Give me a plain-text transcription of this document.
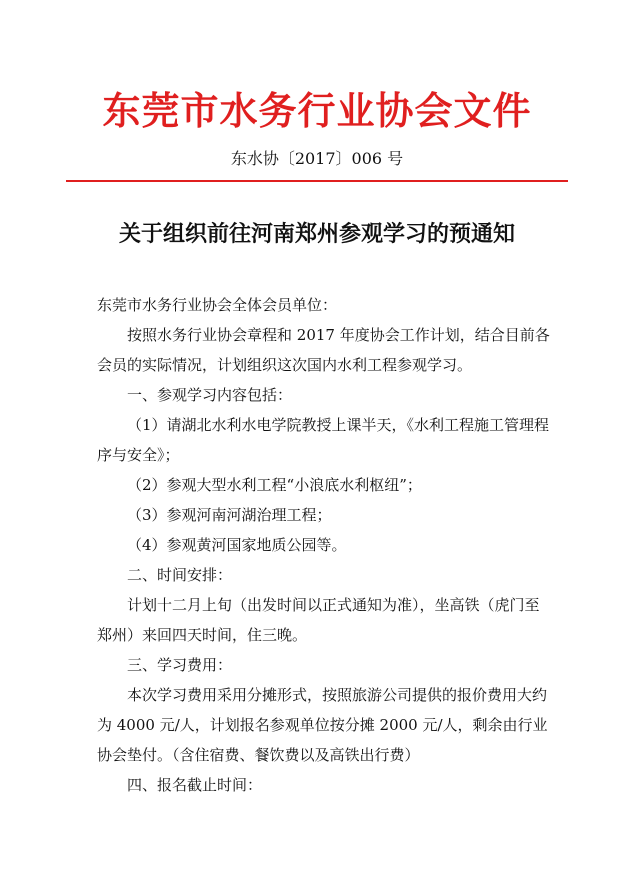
东莞市水务行业协会文件
东水协〔2017〕006 号
关于组织前往河南郑州参观学习的预通知

东莞市水务行业协会全体会员单位：

按照水务行业协会章程和 2017 年度协会工作计划，结合目前各会员的实际情况，计划组织这次国内水利工程参观学习。

一、参观学习内容包括：

（1）请湖北水利水电学院教授上课半天，《水利工程施工管理程序与安全》；

（2）参观大型水利工程“小浪底水利枢纽”；

（3）参观河南河湖治理工程；

（4）参观黄河国家地质公园等。

二、时间安排：

计划十二月上旬（出发时间以正式通知为准），坐高铁（虎门至郑州）来回四天时间，住三晚。

三、学习费用：

本次学习费用采用分摊形式，按照旅游公司提供的报价费用大约为 4000 元/人，计划报名参观单位按分摊 2000 元/人，剩余由行业协会垫付。（含住宿费、餐饮费以及高铁出行费）

四、报名截止时间：
